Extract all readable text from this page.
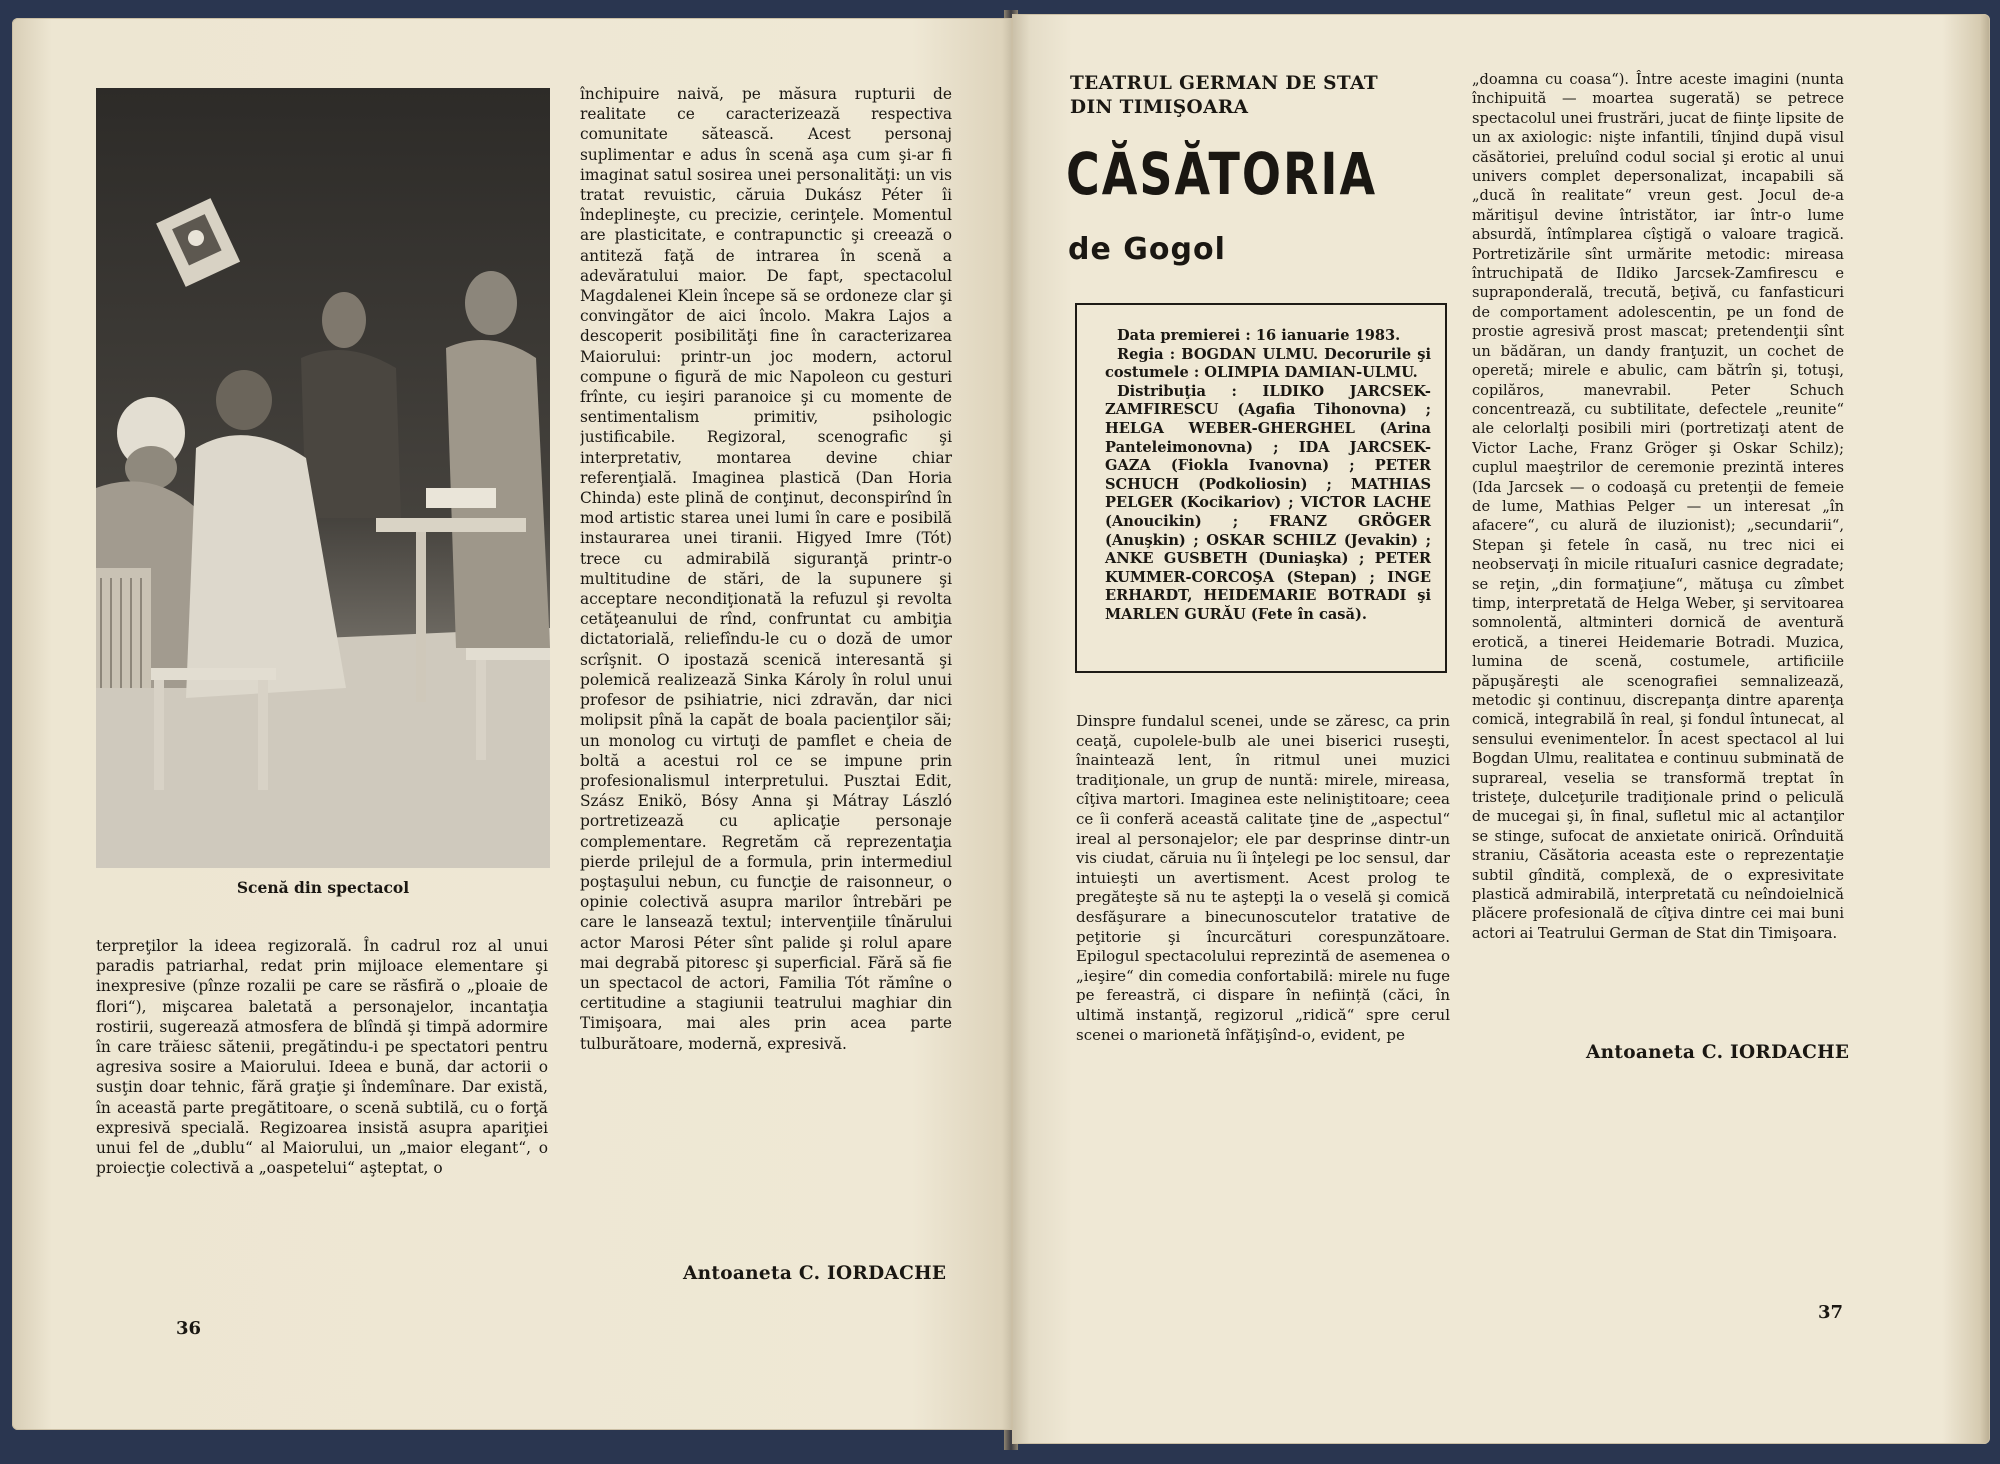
Scenă din spectacol

terpreţilor la ideea regizorală. În cadrul roz al unui paradis patriarhal, redat prin mijloace elementare şi inexpresive (pînze rozalii pe care se răsfiră o „ploaie de flori“), mişcarea baletată a personajelor, incantaţia rostirii, sugerează atmosfera de blîndă şi timpă adormire în care trăiesc sătenii, pregătindu-i pe spectatori pentru agresiva sosire a Maiorului. Ideea e bună, dar actorii o susţin doar tehnic, fără graţie şi îndemînare. Dar există, în această parte pregătitoare, o scenă subtilă, cu o forţă expresivă specială. Regizoarea insistă asupra apariţiei unui fel de „dublu“ al Maiorului, un „maior elegant“, o proiecţie colectivă a „oaspetelui“ aşteptat, o

închipuire naivă, pe măsura rupturii de realitate ce caracterizează respectiva comunitate sătească. Acest personaj suplimentar e adus în scenă aşa cum şi-ar fi imaginat satul sosirea unei personalităţi: un vis tratat revuistic, căruia Dukász Péter îi îndeplineşte, cu precizie, cerinţele. Momentul are plasticitate, e contrapunctic şi creează o antiteză faţă de intrarea în scenă a adevăratului maior. De fapt, spectacolul Magdalenei Klein începe să se ordoneze clar şi convingător de aici încolo. Makra Lajos a descoperit posibilităţi fine în caracterizarea Maiorului: printr-un joc modern, actorul compune o figură de mic Napoleon cu gesturi frînte, cu ieşiri paranoice şi cu momente de sentimentalism primitiv, psihologic justificabile. Regizoral, scenografic şi interpretativ, montarea devine chiar referenţială. Imaginea plastică (Dan Horia Chinda) este plină de conţinut, deconspirînd în mod artistic starea unei lumi în care e posibilă instaurarea unei tiranii. Higyed Imre (Tót) trece cu admirabilă siguranţă printr-o multitudine de stări, de la supunere şi acceptare necondiţionată la refuzul şi revolta cetăţeanului de rînd, confruntat cu ambiţia dictatorială, reliefîndu-le cu o doză de umor scrîşnit. O ipostază scenică interesantă şi polemică realizează Sinka Károly în rolul unui profesor de psihiatrie, nici zdravăn, dar nici molipsit pînă la capăt de boala pacienţilor săi; un monolog cu virtuţi de pamflet e cheia de boltă a acestui rol ce se impune prin profesionalismul interpretului. Pusztai Edit, Szász Enikö, Bósy Anna şi Mátray László portretizează cu aplicaţie personaje complementare. Regretăm că reprezentaţia pierde prilejul de a formula, prin intermediul poştaşului nebun, cu funcţie de raisonneur, o opinie colectivă asupra marilor întrebări pe care le lansează textul; intervenţiile tînărului actor Marosi Péter sînt palide şi rolul apare mai degrabă pitoresc şi superficial. Fără să fie un spectacol de actori, Familia Tót rămîne o certitudine a stagiunii teatrului maghiar din Timişoara, mai ales prin acea parte tulburătoare, modernă, expresivă.

Antoaneta C. IORDACHE
36
TEATRUL GERMAN DE STAT DIN TIMIŞOARA
CĂSĂTORIA
de Gogol

Data premierei : 16 ianuarie 1983.

Regia : BOGDAN ULMU. Decorurile şi costumele : OLIMPIA DAMIAN-ULMU.

Distribuţia : ILDIKO JARCSEK-ZAMFIRESCU (Agafia Tihonovna) ; HELGA WEBER-GHERGHEL (Arina Panteleimonovna) ; IDA JARCSEK-GAZA (Fiokla Ivanovna) ; PETER SCHUCH (Podkoliosin) ; MATHIAS PELGER (Kocikariov) ; VICTOR LACHE (Anoucikin) ; FRANZ GRÖGER (Anuşkin) ; OSKAR SCHILZ (Jevakin) ; ANKE GUSBETH (Duniaşka) ; PETER KUMMER-CORCOŞA (Stepan) ; INGE ERHARDT, HEIDEMARIE BOTRADI şi MARLEN GURĂU (Fete în casă).

Dinspre fundalul scenei, unde se zăresc, ca prin ceaţă, cupolele-bulb ale unei biserici ruseşti, înaintează lent, în ritmul unei muzici tradiţionale, un grup de nuntă: mirele, mireasa, cîţiva martori. Imaginea este neliniştitoare; ceea ce îi conferă această calitate ţine de „aspectul“ ireal al personajelor; ele par desprinse dintr-un vis ciudat, căruia nu îi înţelegi pe loc sensul, dar intuieşti un avertisment. Acest prolog te pregăteşte să nu te aştepţi la o veselă şi comică desfăşurare a binecunoscutelor tratative de peţitorie şi încurcături corespunzătoare. Epilogul spectacolului reprezintă de asemenea o „ieşire“ din comedia confortabilă: mirele nu fuge pe fereastră, ci dispare în neființă (căci, în ultimă instanţă, regizorul „ridică“ spre cerul scenei o marionetă înfăţişînd-o, evident, pe

„doamna cu coasa“). Între aceste imagini (nunta închipuită — moartea sugerată) se petrece spectacolul unei frustrări, jucat de fiinţe lipsite de un ax axiologic: nişte infantili, tînjind după visul căsătoriei, preluînd codul social şi erotic al unui univers complet depersonalizat, incapabili să „ducă în realitate“ vreun gest. Jocul de-a măritişul devine întristător, iar într-o lume absurdă, întîmplarea cîştigă o valoare tragică. Portretizările sînt urmărite metodic: mireasa întruchipată de Ildiko Jarcsek-Zamfirescu e supraponderală, trecută, beţivă, cu fanfasticuri de comportament adolescentin, pe un fond de prostie agresivă prost mascat; pretendenţii sînt un bădăran, un dandy franţuzit, un cochet de operetă; mirele e abulic, cam bătrîn şi, totuşi, copilăros, manevrabil. Peter Schuch concentrează, cu subtilitate, defectele „reunite“ ale celorlalţi posibili miri (portretizaţi atent de Victor Lache, Franz Gröger şi Oskar Schilz); cuplul maeştrilor de ceremonie prezintă interes (Ida Jarcsek — o codoaşă cu pretenţii de femeie de lume, Mathias Pelger — un interesat „în afacere“, cu alură de iluzionist); „secundarii“, Stepan şi fetele în casă, nu trec nici ei neobservaţi în micile rituaIuri casnice degradate; se reţin, „din formaţiune“, mătuşa cu zîmbet timp, interpretată de Helga Weber, şi servitoarea somnolentă, altminteri dornică de aventură erotică, a tinerei Heidemarie Botradi. Muzica, lumina de scenă, costumele, artificiile păpuşăreşti ale scenografiei semnalizează, metodic şi continuu, discrepanţa dintre aparenţa comică, integrabilă în real, şi fondul întunecat, al sensului evenimentelor. În acest spectacol al lui Bogdan Ulmu, realitatea e continuu subminată de suprareal, veselia se transformă treptat în tristeţe, dulceţurile tradiţionale prind o peliculă de mucegai şi, în final, sufletul mic al actanţilor se stinge, sufocat de anxietate onirică. Orînduită straniu, Căsătoria aceasta este o reprezentaţie subtil gîndită, complexă, de o expresivitate plastică admirabilă, interpretată cu neîndoielnică plăcere profesională de cîţiva dintre cei mai buni actori ai Teatrului German de Stat din Timişoara.

Antoaneta C. IORDACHE
37
